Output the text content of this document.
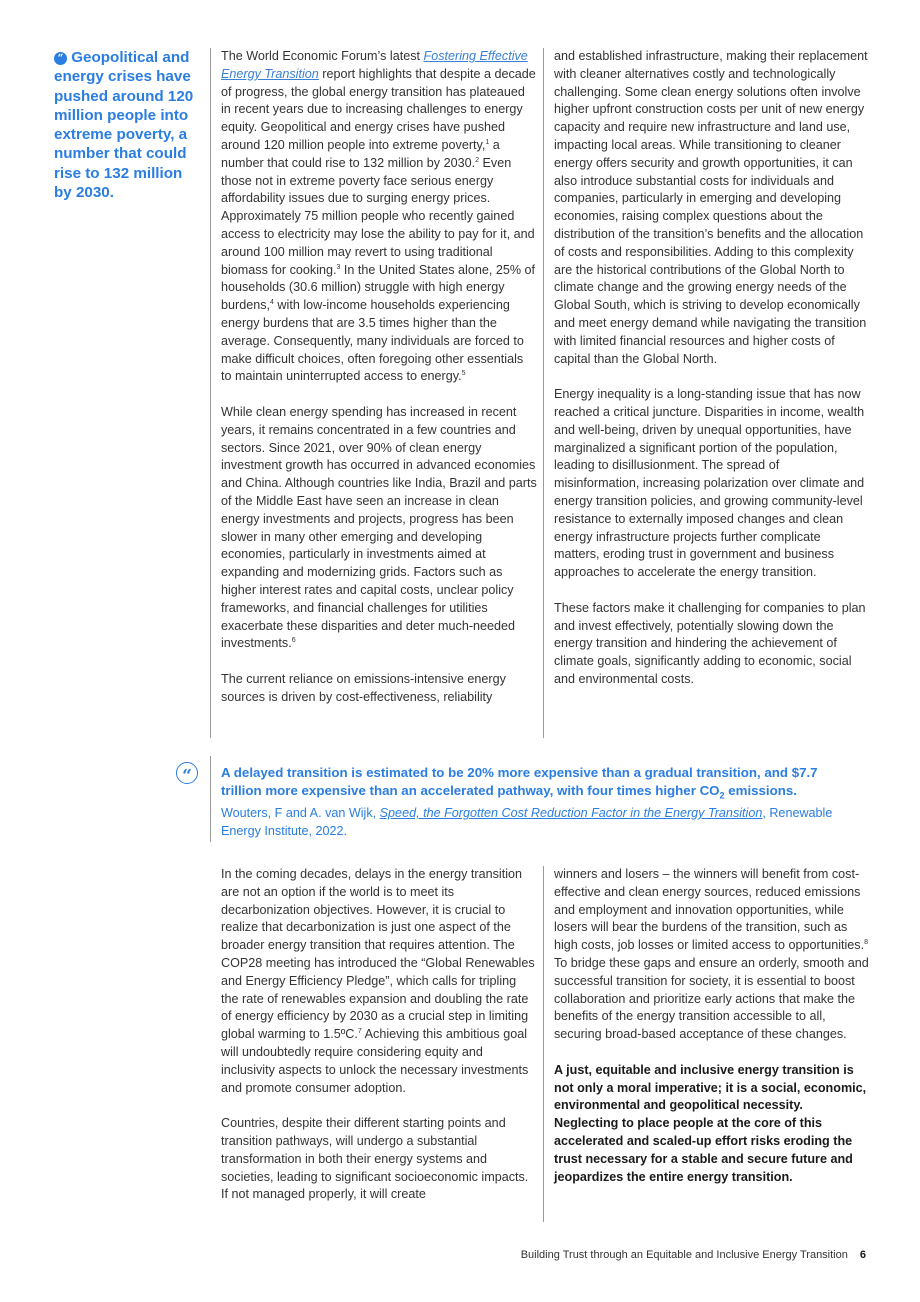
“ Geopolitical and energy crises have pushed around 120 million people into extreme poverty, a number that could rise to 132 million by 2030.

The World Economic Forum’s latest Fostering Effective Energy Transition report highlights that despite a decade of progress, the global energy transition has plateaued in recent years due to increasing challenges to energy equity. Geopolitical and energy crises have pushed around 120 million people into extreme poverty,$^1$ a number that could rise to 132 million by 2030.$^2$ Even those not in extreme poverty face serious energy affordability issues due to surging energy prices. Approximately 75 million people who recently gained access to electricity may lose the ability to pay for it, and around 100 million may revert to using traditional biomass for cooking.$^3$ In the United States alone, 25% of households (30.6 million) struggle with high energy burdens,$^4$ with low-income households experiencing energy burdens that are 3.5 times higher than the average. Consequently, many individuals are forced to make difficult choices, often foregoing other essentials to maintain uninterrupted access to energy.$^5$

While clean energy spending has increased in recent years, it remains concentrated in a few countries and sectors. Since 2021, over 90% of clean energy investment growth has occurred in advanced economies and China. Although countries like India, Brazil and parts of the Middle East have seen an increase in clean energy investments and projects, progress has been slower in many other emerging and developing economies, particularly in investments aimed at expanding and modernizing grids. Factors such as higher interest rates and capital costs, unclear policy frameworks, and financial challenges for utilities exacerbate these disparities and deter much-needed investments.$^6$

The current reliance on emissions-intensive energy sources is driven by cost-effectiveness, reliability

and established infrastructure, making their replacement with cleaner alternatives costly and technologically challenging. Some clean energy solutions often involve higher upfront construction costs per unit of new energy capacity and require new infrastructure and land use, impacting local areas. While transitioning to cleaner energy offers security and growth opportunities, it can also introduce substantial costs for individuals and companies, particularly in emerging and developing economies, raising complex questions about the distribution of the transition’s benefits and the allocation of costs and responsibilities. Adding to this complexity are the historical contributions of the Global North to climate change and the growing energy needs of the Global South, which is striving to develop economically and meet energy demand while navigating the transition with limited financial resources and higher costs of capital than the Global North.

Energy inequality is a long-standing issue that has now reached a critical juncture. Disparities in income, wealth and well-being, driven by unequal opportunities, have marginalized a significant portion of the population, leading to disillusionment. The spread of misinformation, increasing polarization over climate and energy transition policies, and growing community-level resistance to externally imposed changes and clean energy infrastructure projects further complicate matters, eroding trust in government and business approaches to accelerate the energy transition.

These factors make it challenging for companies to plan and invest effectively, potentially slowing down the energy transition and hindering the achievement of climate goals, significantly adding to economic, social and environmental costs.

“	A delayed transition is estimated to be 20% more expensive than a gradual transition, and $7.7 trillion more expensive than an accelerated pathway, with four times higher $CO_2$ emissions.
Wouters, F and A. van Wijk, Speed, the Forgotten Cost Reduction Factor in the Energy Transition, Renewable Energy Institute, 2022.

In the coming decades, delays in the energy transition are not an option if the world is to meet its decarbonization objectives. However, it is crucial to realize that decarbonization is just one aspect of the broader energy transition that requires attention. The COP28 meeting has introduced the “Global Renewables and Energy Efficiency Pledge”, which calls for tripling the rate of renewables expansion and doubling the rate of energy efficiency by 2030 as a crucial step in limiting global warming to 1.5ºC.$^7$ Achieving this ambitious goal will undoubtedly require considering equity and inclusivity aspects to unlock the necessary investments and promote consumer adoption.

Countries, despite their different starting points and transition pathways, will undergo a substantial transformation in both their energy systems and societies, leading to significant socioeconomic impacts. If not managed properly, it will create

winners and losers – the winners will benefit from cost-effective and clean energy sources, reduced emissions and employment and innovation opportunities, while losers will bear the burdens of the transition, such as high costs, job losses or limited access to opportunities.$^8$ To bridge these gaps and ensure an orderly, smooth and successful transition for society, it is essential to boost collaboration and prioritize early actions that make the benefits of the energy transition accessible to all, securing broad-based acceptance of these changes.

A just, equitable and inclusive energy transition is not only a moral imperative; it is a social, economic, environmental and geopolitical necessity. Neglecting to place people at the core of this accelerated and scaled-up effort risks eroding the trust necessary for a stable and secure future and jeopardizes the entire energy transition.

Building Trust through an Equitable and Inclusive Energy Transition 6
